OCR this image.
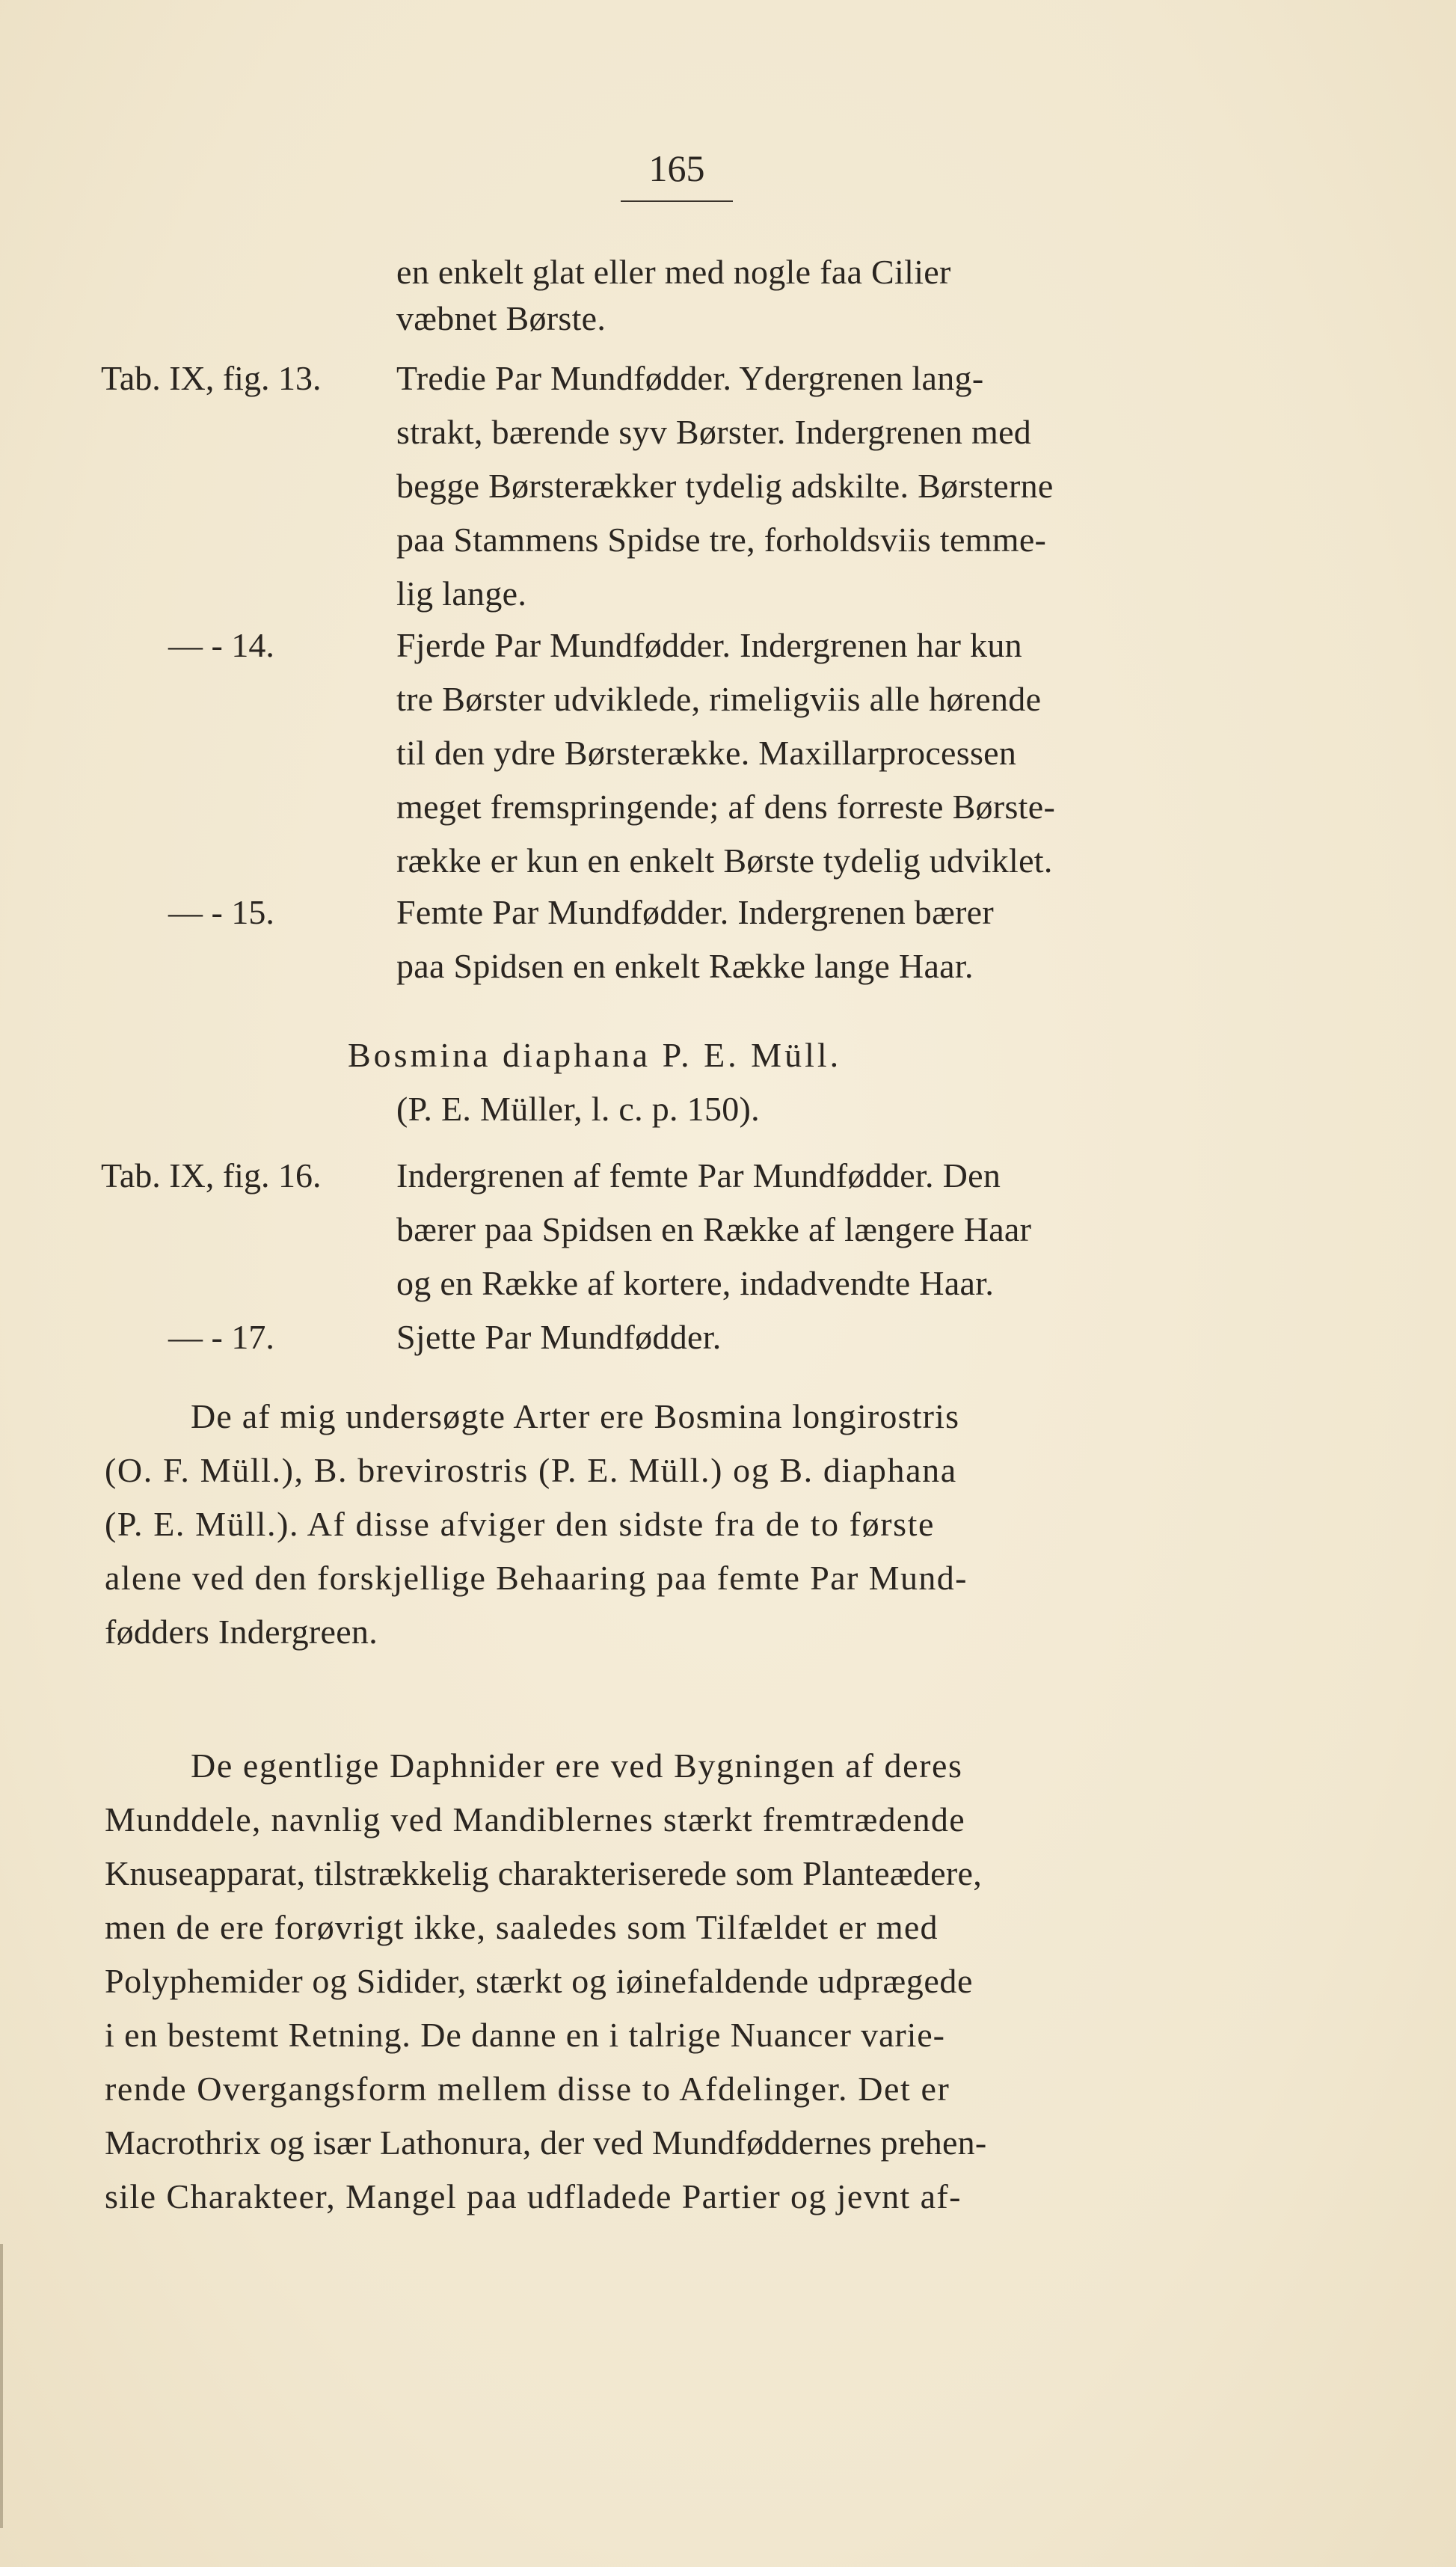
165
en enkelt glat eller med nogle faa Cilier
væbnet Børste.
Tab. IX, fig. 13. Tredie Par Mundfødder. Ydergrenen lang-
strakt, bærende syv Børster. Indergrenen med
begge Børsterækker tydelig adskilte. Børsterne
paa Stammens Spidse tre, forholdsviis temme-
lig lange.
— - 14.	Fjerde Par Mundfødder. Indergrenen har kun
tre Børster udviklede, rimeligviis alle hørende
til den ydre Børsterække. Maxillarprocessen
meget fremspringende; af dens forreste Børste-
række er kun en enkelt Børste tydelig udviklet.
— - 15.	Femte Par Mundfødder. Indergrenen bærer
paa Spidsen en enkelt Række lange Haar.
Bosmina diaphana P. E. Müll.
(P. E. Müller, l. c. p. 150).
Tab. IX, fig. 16. Indergrenen af femte Par Mundfødder. Den
bærer paa Spidsen en Række af længere Haar
og en Række af kortere, indadvendte Haar.
— - 17.	Sjette Par Mundfødder.
De af mig undersøgte Arter ere Bosmina longirostris
(O. F. Müll.), B. brevirostris (P. E. Müll.) og B. diaphana
(P. E. Müll.). Af disse afviger den sidste fra de to første
alene ved den forskjellige Behaaring paa femte Par Mund-
fødders Indergreen.
De egentlige Daphnider ere ved Bygningen af deres
Munddele, navnlig ved Mandiblernes stærkt fremtrædende
Knuseapparat, tilstrækkelig charakteriserede som Planteædere,
men de ere forøvrigt ikke, saaledes som Tilfældet er med
Polyphemider og Sidider, stærkt og iøinefaldende udprægede
i en bestemt Retning. De danne en i talrige Nuancer varie-
rende Overgangsform mellem disse to Afdelinger. Det er
Macrothrix og især Lathonura, der ved Mundføddernes prehen-
sile Charakteer, Mangel paa udfladede Partier og jevnt af-
